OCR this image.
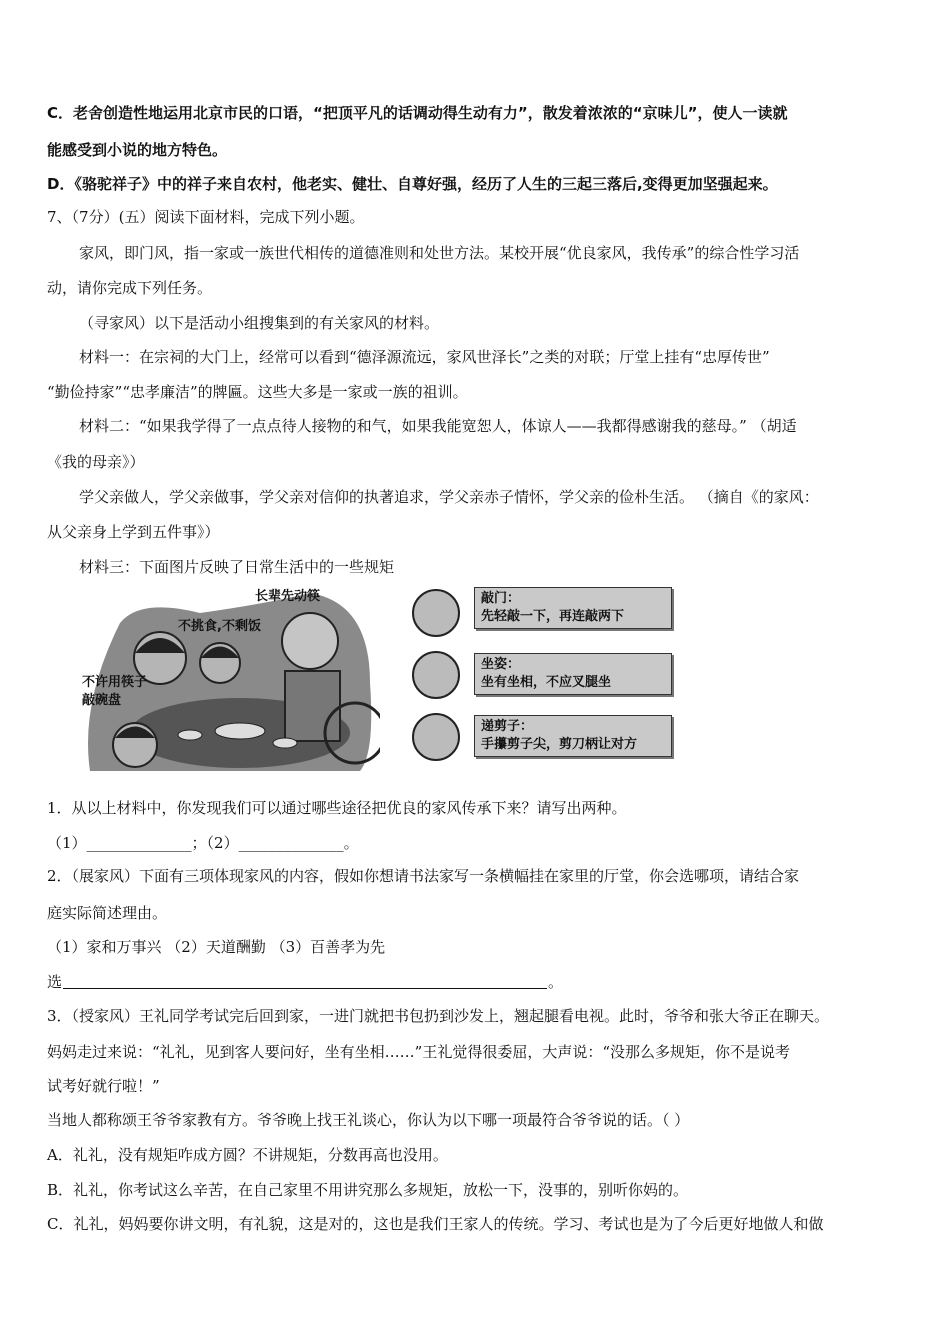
C．老舍创造性地运用北京市民的口语，“把顶平凡的话调动得生动有力”，散发着浓浓的“京味儿”，使人一读就
能感受到小说的地方特色。
D．《骆驼祥子》中的祥子来自农村，他老实、健壮、自尊好强，经历了人生的三起三落后,变得更加坚强起来。
7、（7分）(五）阅读下面材料，完成下列小题。
家风，即门风，指一家或一族世代相传的道德准则和处世方法。某校开展“优良家风，我传承”的综合性学习活
动，请你完成下列任务。
（寻家风）以下是活动小组搜集到的有关家风的材料。
材料一：在宗祠的大门上，经常可以看到“德泽源流远，家风世泽长”之类的对联；厅堂上挂有“忠厚传世”
“勤俭持家”“忠孝廉洁”的牌匾。这些大多是一家或一族的祖训。
材料二：“如果我学得了一点点待人接物的和气，如果我能宽恕人，体谅人——我都得感谢我的慈母。” （胡适
《我的母亲》）
学父亲做人，学父亲做事，学父亲对信仰的执著追求，学父亲赤子情怀，学父亲的俭朴生活。 （摘自《的家风：
从父亲身上学到五件事》）
材料三：下面图片反映了日常生活中的一些规矩
长辈先动筷
不挑食,不剩饭
不许用筷子
敲碗盘
敲门：
先轻敲一下，再连敲两下
坐姿：
坐有坐相，不应叉腿坐
递剪子：
手攥剪子尖，剪刀柄让对方
1．从以上材料中，你发现我们可以通过哪些途径把优良的家风传承下来？请写出两种。
（1）______________；（2）______________。
2．（展家风）下面有三项体现家风的内容，假如你想请书法家写一条横幅挂在家里的厅堂，你会选哪项，请结合家
庭实际简述理由。
（1）家和万事兴 （2）天道酬勤 （3）百善孝为先
选	。
3．（授家风）王礼同学考试完后回到家，一进门就把书包扔到沙发上，翘起腿看电视。此时，爷爷和张大爷正在聊天。
妈妈走过来说：“礼礼，见到客人要问好，坐有坐相……”王礼觉得很委屈，大声说：“没那么多规矩，你不是说考
试考好就行啦！”
当地人都称颂王爷爷家教有方。爷爷晚上找王礼谈心，你认为以下哪一项最符合爷爷说的话。（ ）
A．礼礼，没有规矩咋成方圆？不讲规矩，分数再高也没用。
B．礼礼，你考试这么辛苦，在自己家里不用讲究那么多规矩，放松一下，没事的，别听你妈的。
C．礼礼，妈妈要你讲文明，有礼貌，这是对的，这也是我们王家人的传统。学习、考试也是为了今后更好地做人和做
